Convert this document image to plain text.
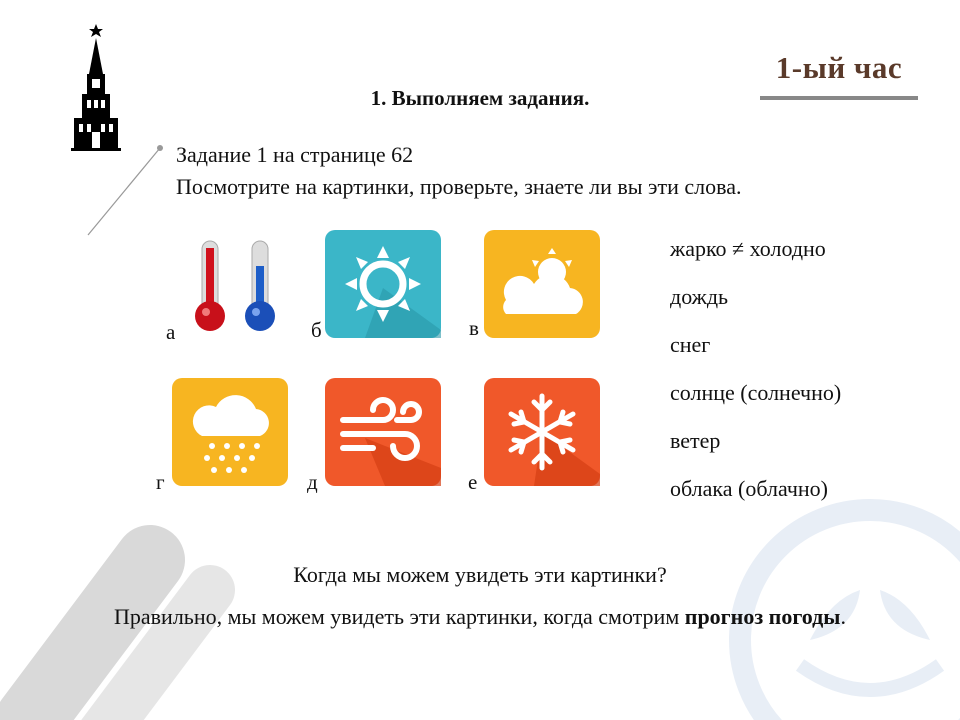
1-ый час
1. Выполняем задания.
Задание 1 на странице 62
Посмотрите на картинки, проверьте, знаете ли вы эти слова.
а	б	в
г	д	е
жарко ≠ холодно
дождь
снег
солнце (солнечно)
ветер
облака (облачно)
Когда мы можем увидеть эти картинки?
Правильно, мы можем увидеть эти картинки, когда смотрим прогноз погоды.
